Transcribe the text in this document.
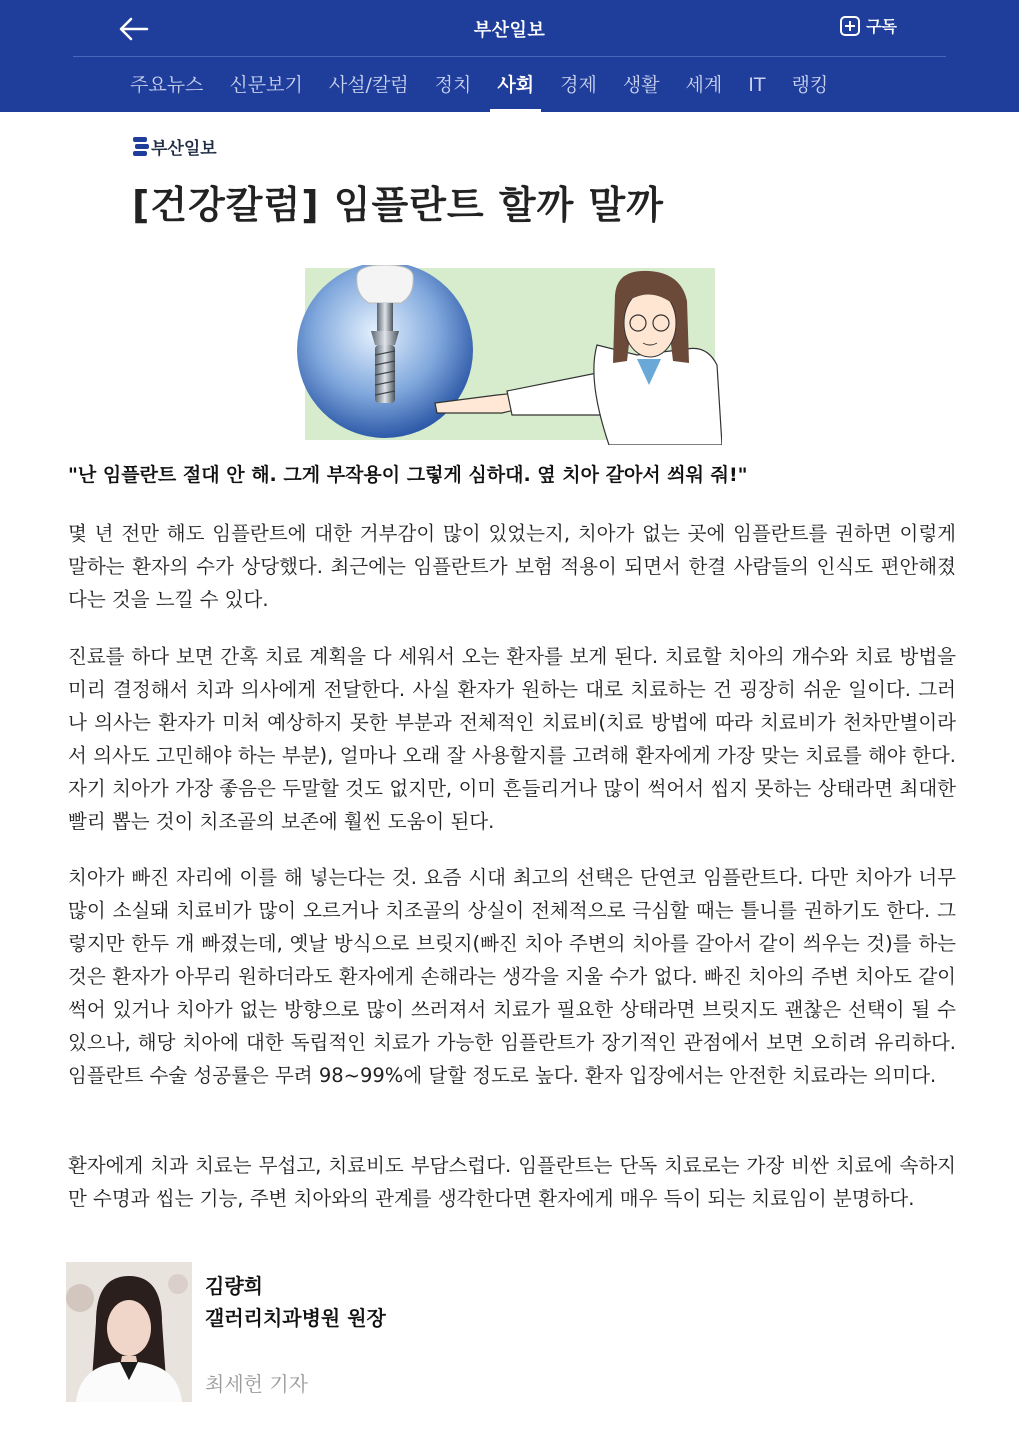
부산일보	구독
주요뉴스	신문보기	사설/칼럼	정치	사회	경제	생활	세계	IT	랭킹
부산일보
[건강칼럼] 임플란트 할까 말까
"난 임플란트 절대 안 해. 그게 부작용이 그렇게 심하대. 옆 치아 갈아서 씌워 줘!"
몇 년 전만 해도 임플란트에 대한 거부감이 많이 있었는지, 치아가 없는 곳에 임플란트를 권하면 이렇게 말하는 환자의 수가 상당했다. 최근에는 임플란트가 보험 적용이 되면서 한결 사람들의 인식도 편안해졌다는 것을 느낄 수 있다.
진료를 하다 보면 간혹 치료 계획을 다 세워서 오는 환자를 보게 된다. 치료할 치아의 개수와 치료 방법을 미리 결정해서 치과 의사에게 전달한다. 사실 환자가 원하는 대로 치료하는 건 굉장히 쉬운 일이다. 그러나 의사는 환자가 미처 예상하지 못한 부분과 전체적인 치료비(치료 방법에 따라 치료비가 천차만별이라서 의사도 고민해야 하는 부분), 얼마나 오래 잘 사용할지를 고려해 환자에게 가장 맞는 치료를 해야 한다. 자기 치아가 가장 좋음은 두말할 것도 없지만, 이미 흔들리거나 많이 썩어서 씹지 못하는 상태라면 최대한 빨리 뽑는 것이 치조골의 보존에 훨씬 도움이 된다.
치아가 빠진 자리에 이를 해 넣는다는 것. 요즘 시대 최고의 선택은 단연코 임플란트다. 다만 치아가 너무 많이 소실돼 치료비가 많이 오르거나 치조골의 상실이 전체적으로 극심할 때는 틀니를 권하기도 한다. 그렇지만 한두 개 빠졌는데, 옛날 방식으로 브릿지(빠진 치아 주변의 치아를 갈아서 같이 씌우는 것)를 하는 것은 환자가 아무리 원하더라도 환자에게 손해라는 생각을 지울 수가 없다. 빠진 치아의 주변 치아도 같이 썩어 있거나 치아가 없는 방향으로 많이 쓰러져서 치료가 필요한 상태라면 브릿지도 괜찮은 선택이 될 수 있으나, 해당 치아에 대한 독립적인 치료가 가능한 임플란트가 장기적인 관점에서 보면 오히려 유리하다. 임플란트 수술 성공률은 무려 98~99%에 달할 정도로 높다. 환자 입장에서는 안전한 치료라는 의미다.
환자에게 치과 치료는 무섭고, 치료비도 부담스럽다. 임플란트는 단독 치료로는 가장 비싼 치료에 속하지만 수명과 씹는 기능, 주변 치아와의 관계를 생각한다면 환자에게 매우 득이 되는 치료임이 분명하다.
김량희
갤러리치과병원 원장
최세헌 기자
